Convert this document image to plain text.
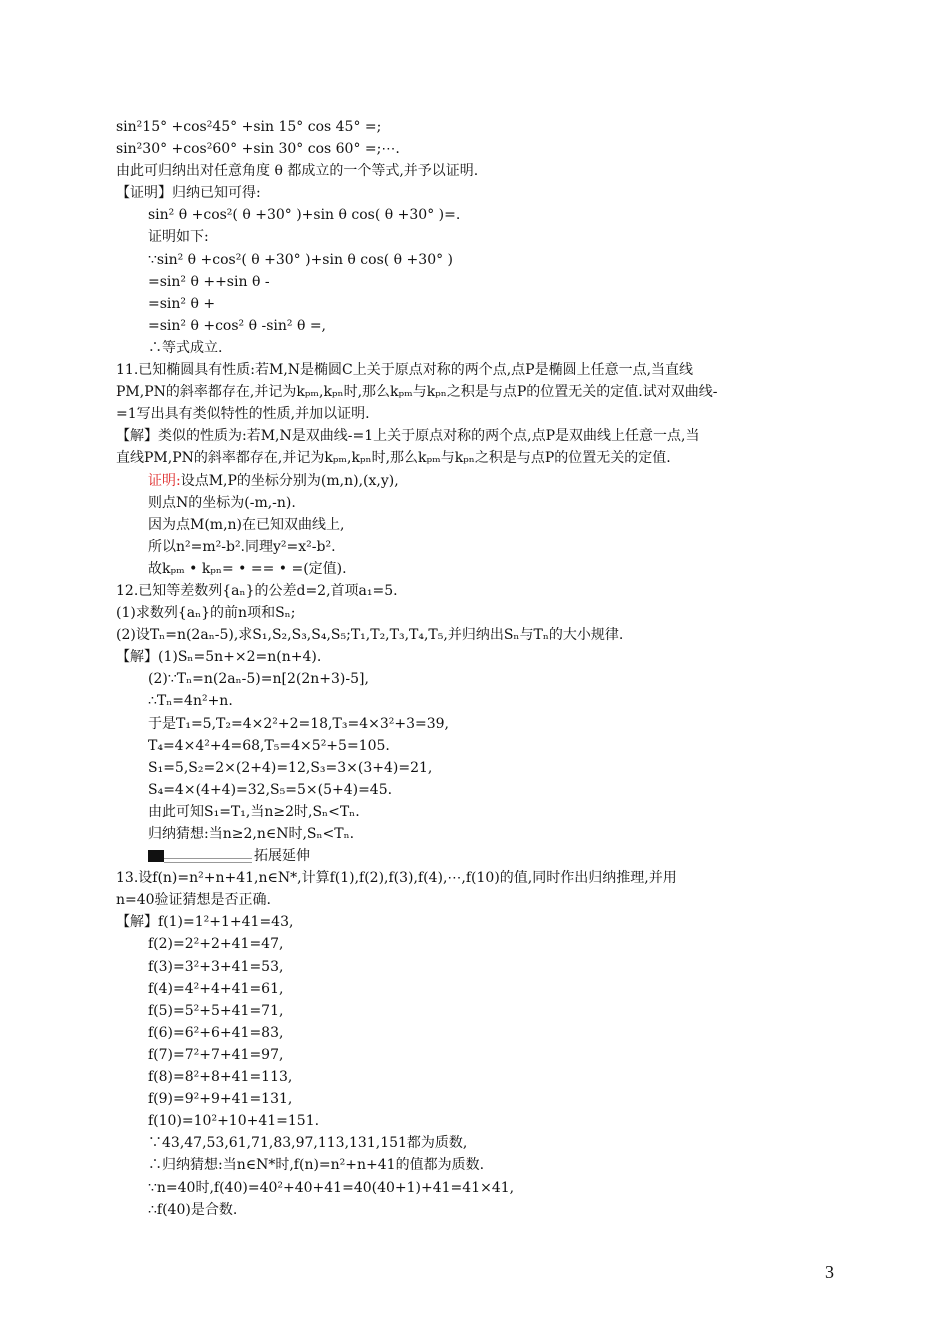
sin²15° +cos²45° +sin 15° cos 45° =;
sin²30° +cos²60° +sin 30° cos 60° =;⋯.
由此可归纳出对任意角度 θ 都成立的一个等式,并予以证明.
【证明】归纳已知可得:
sin² θ +cos²( θ +30° )+sin θ cos( θ +30° )=.
证明如下:
∵sin² θ +cos²( θ +30° )+sin θ cos( θ +30° )
=sin² θ ++sin θ -
=sin² θ +
=sin² θ +cos² θ -sin² θ =,
∴等式成立.
11.已知椭圆具有性质:若M,N是椭圆C上关于原点对称的两个点,点P是椭圆上任意一点,当直线
PM,PN的斜率都存在,并记为kₚₘ,kₚₙ时,那么kₚₘ与kₚₙ之积是与点P的位置无关的定值.试对双曲线-
=1写出具有类似特性的性质,并加以证明.
【解】类似的性质为:若M,N是双曲线-=1上关于原点对称的两个点,点P是双曲线上任意一点,当
直线PM,PN的斜率都存在,并记为kₚₘ,kₚₙ时,那么kₚₘ与kₚₙ之积是与点P的位置无关的定值.
证明:设点M,P的坐标分别为(m,n),(x,y),
则点N的坐标为(-m,-n).
因为点M(m,n)在已知双曲线上,
所以n²=m²-b².同理y²=x²-b².
故kₚₘ • kₚₙ= • == • =(定值).
12.已知等差数列{aₙ}的公差d=2,首项a₁=5.
(1)求数列{aₙ}的前n项和Sₙ;
(2)设Tₙ=n(2aₙ-5),求S₁,S₂,S₃,S₄,S₅;T₁,T₂,T₃,T₄,T₅,并归纳出Sₙ与Tₙ的大小规律.
【解】(1)Sₙ=5n+×2=n(n+4).
(2)∵Tₙ=n(2aₙ-5)=n[2(2n+3)-5],
∴Tₙ=4n²+n.
于是T₁=5,T₂=4×2²+2=18,T₃=4×3²+3=39,
T₄=4×4²+4=68,T₅=4×5²+5=105.
S₁=5,S₂=2×(2+4)=12,S₃=3×(3+4)=21,
S₄=4×(4+4)=32,S₅=5×(5+4)=45.
由此可知S₁=T₁,当n≥2时,Sₙ<Tₙ.
归纳猜想:当n≥2,n∈N时,Sₙ<Tₙ.
拓展延伸
13.设f(n)=n²+n+41,n∈N*,计算f(1),f(2),f(3),f(4),⋯,f(10)的值,同时作出归纳推理,并用
n=40验证猜想是否正确.
【解】f(1)=1²+1+41=43,
f(2)=2²+2+41=47,
f(3)=3²+3+41=53,
f(4)=4²+4+41=61,
f(5)=5²+5+41=71,
f(6)=6²+6+41=83,
f(7)=7²+7+41=97,
f(8)=8²+8+41=113,
f(9)=9²+9+41=131,
f(10)=10²+10+41=151.
∵43,47,53,61,71,83,97,113,131,151都为质数,
∴归纳猜想:当n∈N*时,f(n)=n²+n+41的值都为质数.
∵n=40时,f(40)=40²+40+41=40(40+1)+41=41×41,
∴f(40)是合数.
3
